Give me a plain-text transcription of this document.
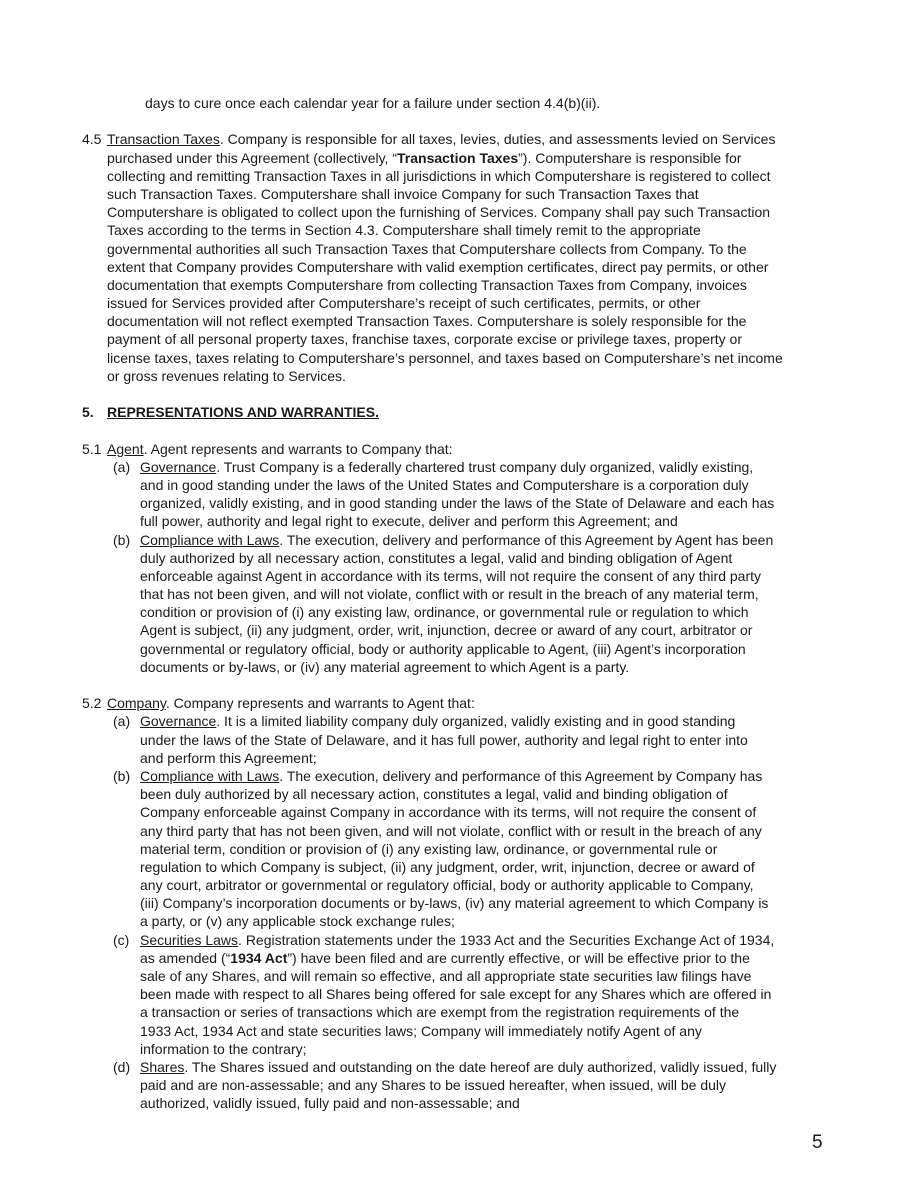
days to cure once each calendar year for a failure under section 4.4(b)(ii).
4.5 Transaction Taxes. Company is responsible for all taxes, levies, duties, and assessments levied on Services
purchased under this Agreement (collectively, “Transaction Taxes”). Computershare is responsible for
collecting and remitting Transaction Taxes in all jurisdictions in which Computershare is registered to collect
such Transaction Taxes. Computershare shall invoice Company for such Transaction Taxes that
Computershare is obligated to collect upon the furnishing of Services. Company shall pay such Transaction
Taxes according to the terms in Section 4.3. Computershare shall timely remit to the appropriate
governmental authorities all such Transaction Taxes that Computershare collects from Company. To the
extent that Company provides Computershare with valid exemption certificates, direct pay permits, or other
documentation that exempts Computershare from collecting Transaction Taxes from Company, invoices
issued for Services provided after Computershare’s receipt of such certificates, permits, or other
documentation will not reflect exempted Transaction Taxes. Computershare is solely responsible for the
payment of all personal property taxes, franchise taxes, corporate excise or privilege taxes, property or
license taxes, taxes relating to Computershare’s personnel, and taxes based on Computershare’s net income
or gross revenues relating to Services.
5. REPRESENTATIONS AND WARRANTIES.
5.1 Agent. Agent represents and warrants to Company that:
(a) Governance. Trust Company is a federally chartered trust company duly organized, validly existing,
and in good standing under the laws of the United States and Computershare is a corporation duly
organized, validly existing, and in good standing under the laws of the State of Delaware and each has
full power, authority and legal right to execute, deliver and perform this Agreement; and
(b) Compliance with Laws. The execution, delivery and performance of this Agreement by Agent has been
duly authorized by all necessary action, constitutes a legal, valid and binding obligation of Agent
enforceable against Agent in accordance with its terms, will not require the consent of any third party
that has not been given, and will not violate, conflict with or result in the breach of any material term,
condition or provision of (i) any existing law, ordinance, or governmental rule or regulation to which
Agent is subject, (ii) any judgment, order, writ, injunction, decree or award of any court, arbitrator or
governmental or regulatory official, body or authority applicable to Agent, (iii) Agent’s incorporation
documents or by-laws, or (iv) any material agreement to which Agent is a party.
5.2 Company. Company represents and warrants to Agent that:
(a) Governance. It is a limited liability company duly organized, validly existing and in good standing
under the laws of the State of Delaware, and it has full power, authority and legal right to enter into
and perform this Agreement;
(b) Compliance with Laws. The execution, delivery and performance of this Agreement by Company has
been duly authorized by all necessary action, constitutes a legal, valid and binding obligation of
Company enforceable against Company in accordance with its terms, will not require the consent of
any third party that has not been given, and will not violate, conflict with or result in the breach of any
material term, condition or provision of (i) any existing law, ordinance, or governmental rule or
regulation to which Company is subject, (ii) any judgment, order, writ, injunction, decree or award of
any court, arbitrator or governmental or regulatory official, body or authority applicable to Company,
(iii) Company’s incorporation documents or by-laws, (iv) any material agreement to which Company is
a party, or (v) any applicable stock exchange rules;
(c) Securities Laws. Registration statements under the 1933 Act and the Securities Exchange Act of 1934,
as amended (“1934 Act”) have been filed and are currently effective, or will be effective prior to the
sale of any Shares, and will remain so effective, and all appropriate state securities law filings have
been made with respect to all Shares being offered for sale except for any Shares which are offered in
a transaction or series of transactions which are exempt from the registration requirements of the
1933 Act, 1934 Act and state securities laws; Company will immediately notify Agent of any
information to the contrary;
(d) Shares. The Shares issued and outstanding on the date hereof are duly authorized, validly issued, fully
paid and are non-assessable; and any Shares to be issued hereafter, when issued, will be duly
authorized, validly issued, fully paid and non-assessable; and
5
